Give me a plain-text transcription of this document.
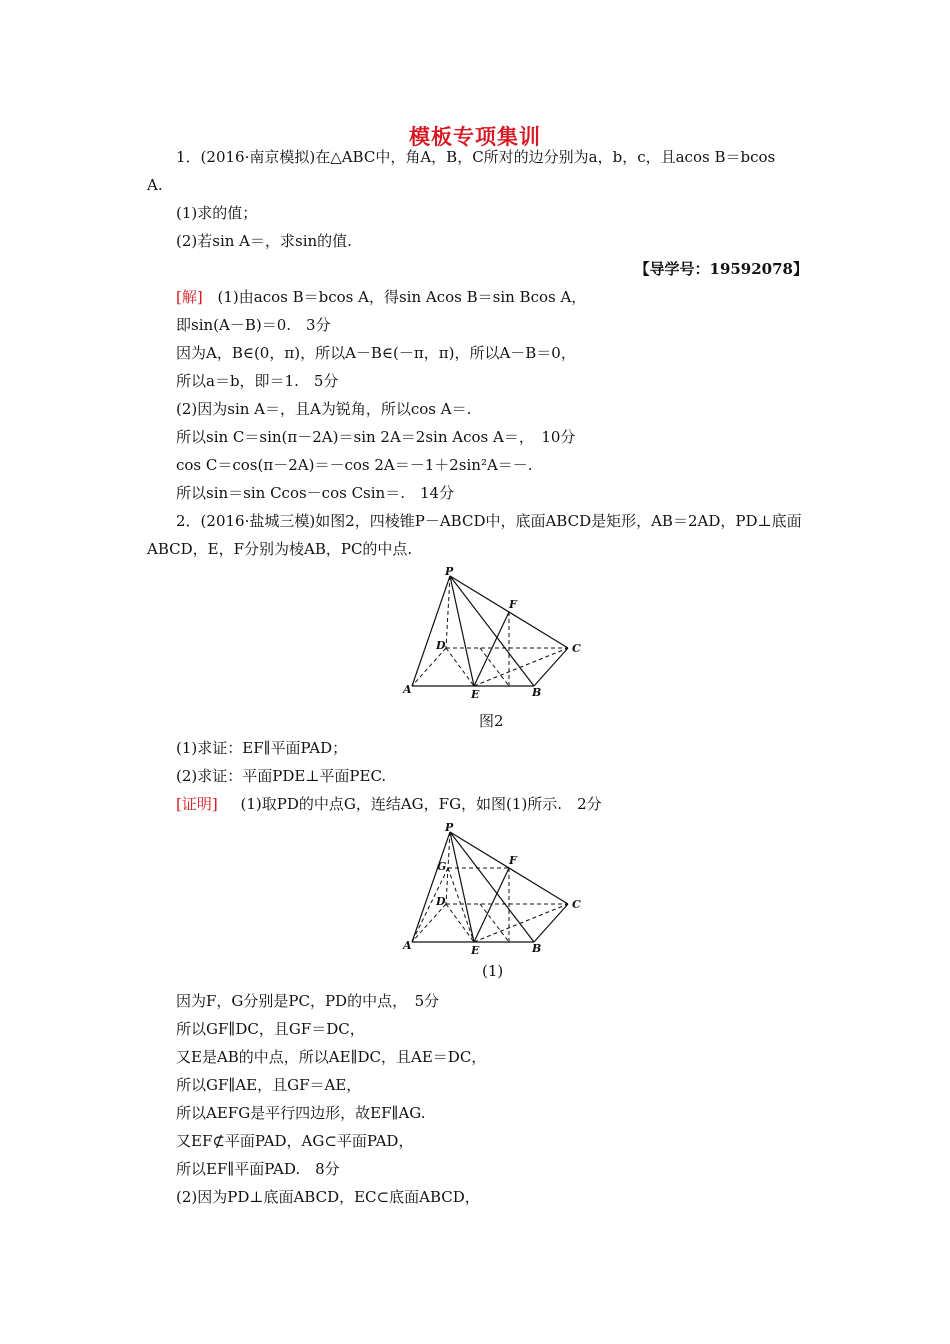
模板专项集训
1．(2016·南京模拟)在△ABC中，角A，B，C所对的边分别为a，b，c，且acos B＝bcos
A.
(1)求的值；
(2)若sin A＝，求sin的值.
【导学号：19592078】
[解] (1)由acos B＝bcos A，得sin Acos B＝sin Bcos A，
即sin(A－B)＝0.　3分
因为A，B∈(0，π)，所以A－B∈(－π，π)，所以A－B＝0，
所以a＝b，即＝1.　5分
(2)因为sin A＝，且A为锐角，所以cos A＝.
所以sin C＝sin(π－2A)＝sin 2A＝2sin Acos A＝，　10分
cos C＝cos(π－2A)＝－cos 2A＝－1＋2sin²A＝－.
所以sin＝sin Ccos－cos Csin＝.　14分
2．(2016·盐城三模)如图2，四棱锥P－ABCD中，底面ABCD是矩形，AB＝2AD，PD⊥底面
ABCD，E，F分别为棱AB，PC的中点.
P
F
D	C
A	E	B
图2
(1)求证：EF∥平面PAD；
(2)求证：平面PDE⊥平面PEC.
[证明] (1)取PD的中点G，连结AG，FG，如图(1)所示.　2分
P
F
G
D	C
A	E	B
(1)
因为F，G分别是PC，PD的中点，　5分
所以GF∥DC，且GF＝DC，
又E是AB的中点，所以AE∥DC，且AE＝DC，
所以GF∥AE，且GF＝AE，
所以AEFG是平行四边形，故EF∥AG.
又EF⊄平面PAD，AG⊂平面PAD，
所以EF∥平面PAD.　8分
(2)因为PD⊥底面ABCD，EC⊂底面ABCD，
